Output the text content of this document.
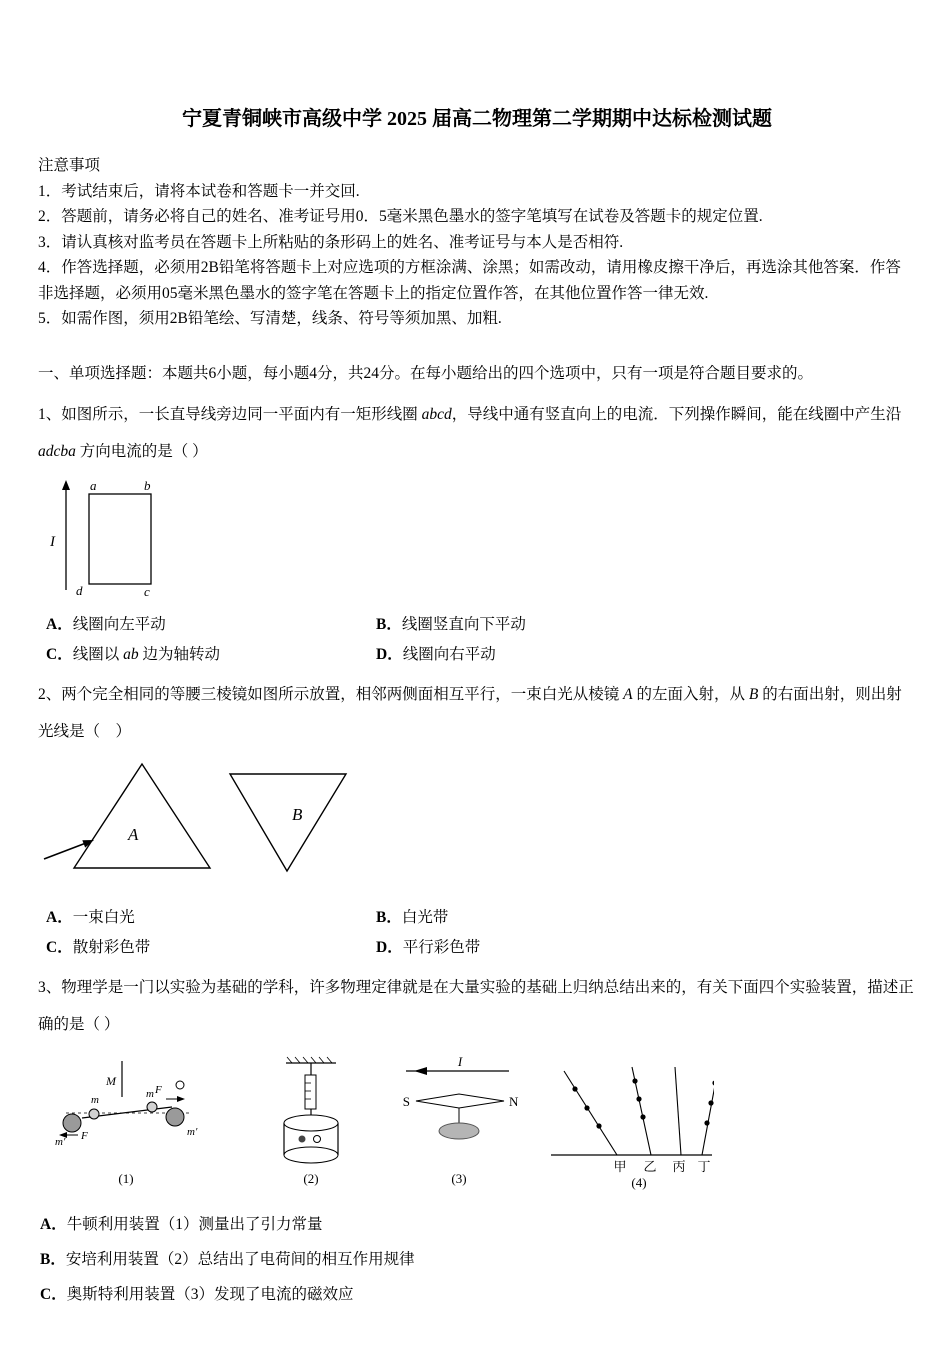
宁夏青铜峡市高级中学 2025 届高二物理第二学期期中达标检测试题

注意事项

1．考试结束后，请将本试卷和答题卡一并交回.

2．答题前，请务必将自己的姓名、准考证号用0．5毫米黑色墨水的签字笔填写在试卷及答题卡的规定位置.

3．请认真核对监考员在答题卡上所粘贴的条形码上的姓名、准考证号与本人是否相符.

4．作答选择题，必须用2B铅笔将答题卡上对应选项的方框涂满、涂黑；如需改动，请用橡皮擦干净后，再选涂其他答案．作答非选择题，必须用05毫米黑色墨水的签字笔在答题卡上的指定位置作答，在其他位置作答一律无效.

5．如需作图，须用2B铅笔绘、写清楚，线条、符号等须加黑、加粗.

一、单项选择题：本题共6小题，每小题4分，共24分。在每小题给出的四个选项中，只有一项是符合题目要求的。

1、如图所示，一长直导线旁边同一平面内有一矩形线圈 abcd，导线中通有竖直向上的电流．下列操作瞬间，能在线圈中产生沿 adcba 方向电流的是（ ）

I
a	b
d	c

A．线圈向左平动	B．线圈竖直向下平动

C．线圈以 ab 边为轴转动	D．线圈向右平动

2、两个完全相同的等腰三棱镜如图所示放置，相邻两侧面相互平行，一束白光从棱镜 A 的左面入射，从 B 的右面出射，则出射光线是（　）

A
B

A．一束白光	B．白光带

C．散射彩色带	D．平行彩色带

3、物理学是一门以实验为基础的学科，许多物理定律就是在大量实验的基础上归纳总结出来的，有关下面四个实验装置，描述正确的是（ ）

M
m′
m
F
m
m′
F
(1)	(2)
I
S	N
(3)
甲 乙 丙 丁
(4)

A．牛顿利用装置（1）测量出了引力常量

B．安培利用装置（2）总结出了电荷间的相互作用规律

C．奥斯特利用装置（3）发现了电流的磁效应
